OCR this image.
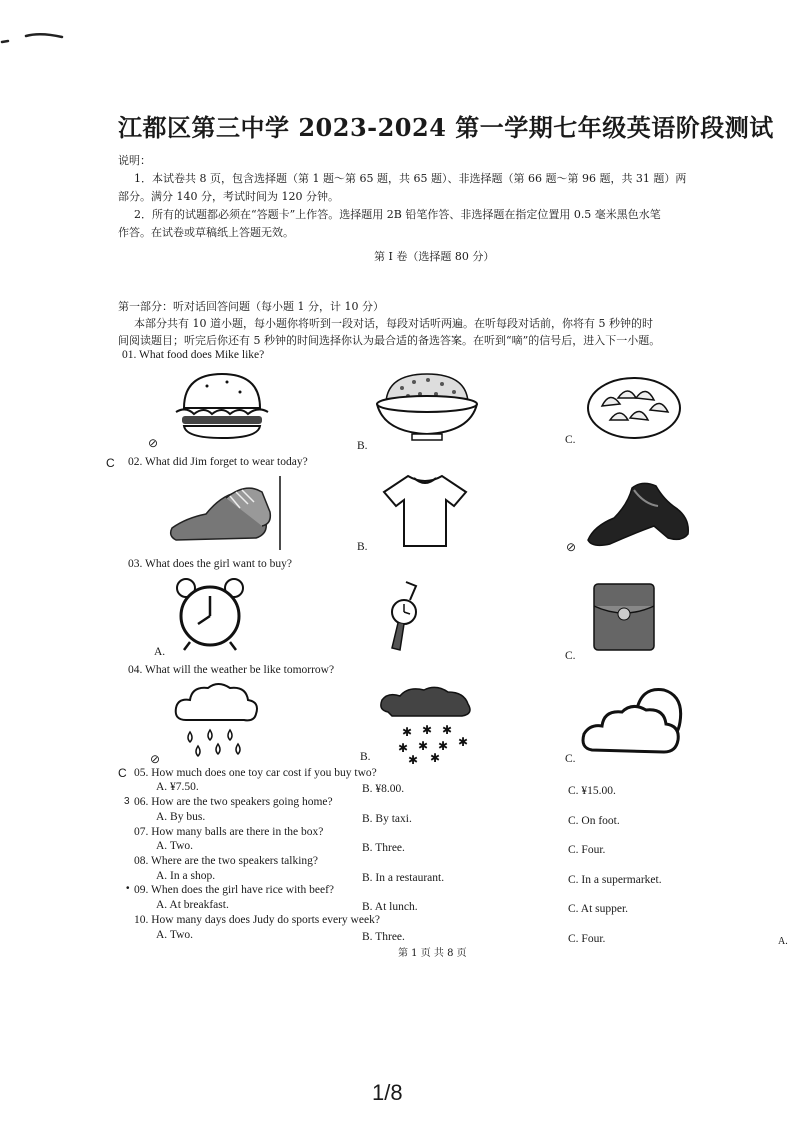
江都区第三中学 2023-2024 第一学期七年级英语阶段测试

说明：

1．本试卷共 8 页，包含选择题（第 1 题～第 65 题，共 65 题）、非选择题（第 66 题～第 96 题，共 31 题）两

部分。满分 140 分，考试时间为 120 分钟。

2．所有的试题都必须在“答题卡”上作答。选择题用 2B 铅笔作答、非选择题在指定位置用 0.5 毫米黑色水笔

作答。在试卷或草稿纸上答题无效。

第 I 卷（选择题 80 分）

第一部分：听对话回答问题（每小题 1 分，计 10 分）

本部分共有 10 道小题，每小题你将听到一段对话，每段对话听两遍。在听每段对话前，你将有 5 秒钟的时

间阅读题目；听完后你还有 5 秒钟的时间选择你认为最合适的备选答案。在听到“嘀”的信号后，进入下一小题。

01. What food does Mike like?
⊘	B.	C.
C 02. What did Jim forget to wear today?
B.	⊘
03. What does the girl want to buy?
A.	C.
04. What will the weather be like tomorrow?
⊘
✱ ✱ ✱
✱ ✱ ✱ ✱
✱ ✱
B.	C.
C 05. How much does one toy car cost if you buy two?
A. ¥7.50.	B. ¥8.00.	C. ¥15.00.
3 06. How are the two speakers going home?
A. By bus.	B. By taxi.	C. On foot.
07. How many balls are there in the box?
A. Two.	B. Three.	C. Four.
08. Where are the two speakers talking?
A. In a shop.	B. In a restaurant.	C. In a supermarket.
• 09. When does the girl have rice with beef?
A. At breakfast.	B. At lunch.	C. At supper.
10. How many days does Judy do sports every week?
A. Two.	B. Three.	C. Four.
第 1 页 共 8 页
A.
1/8
